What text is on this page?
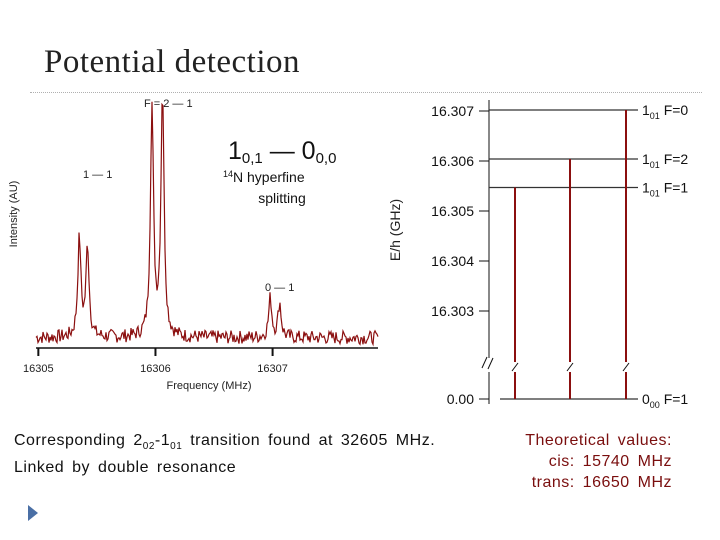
Potential detection
Intensity (AU)
16305	16306	16307
Frequency (MHz)
F = 2 — 1
1 — 1
0 — 1
10,1 — 00,0
$^{14}$N hyperfine
splitting
E/h (GHz)
16.307
16.306
16.305
16.304
16.303
0.00
$1_{01}$ F=0
$1_{01}$ F=2
$1_{01}$ F=1
$0_{00}$ F=1
Corresponding $2_{02}-1_{01}$ transition found at 32605 MHz.
Linked by double resonance
Theoretical values:
cis: 15740 MHz
trans: 16650 MHz
